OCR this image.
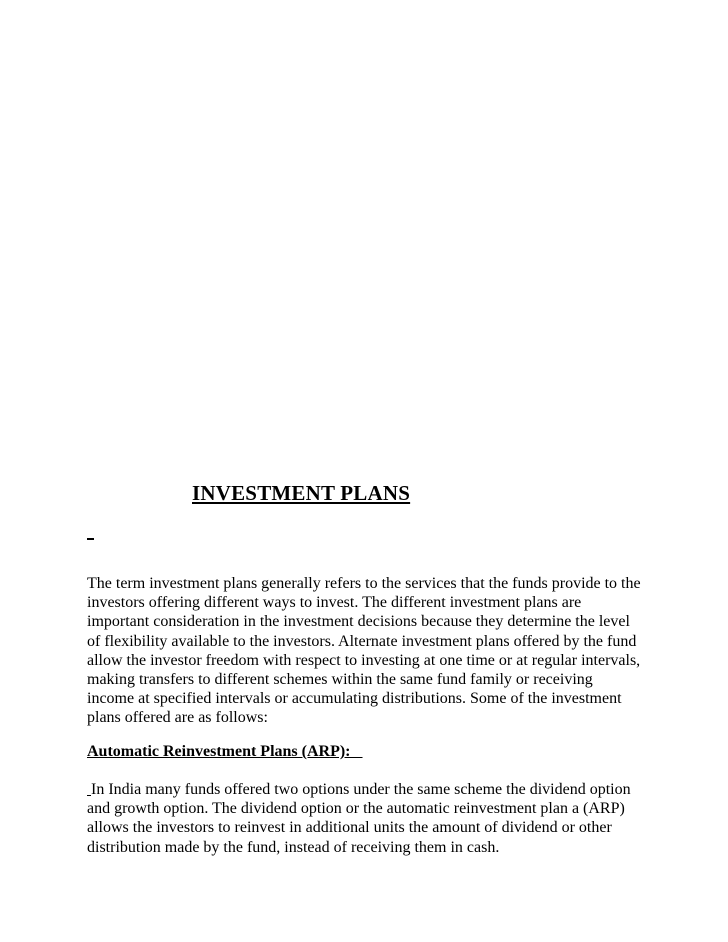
INVESTMENT PLANS

The term investment plans generally refers to the services that the funds provide to the investors offering different ways to invest. The different investment plans are important consideration in the investment decisions because they determine the level of flexibility available to the investors. Alternate investment plans offered by the fund allow the investor freedom with respect to investing at one time or at regular intervals, making transfers to different schemes within the same fund family or receiving income at specified intervals or accumulating distributions. Some of the investment plans offered are as follows:

Automatic Reinvestment Plans (ARP):

In India many funds offered two options under the same scheme the dividend option and growth option. The dividend option or the automatic reinvestment plan a (ARP) allows the investors to reinvest in additional units the amount of dividend or other distribution made by the fund, instead of receiving them in cash.
